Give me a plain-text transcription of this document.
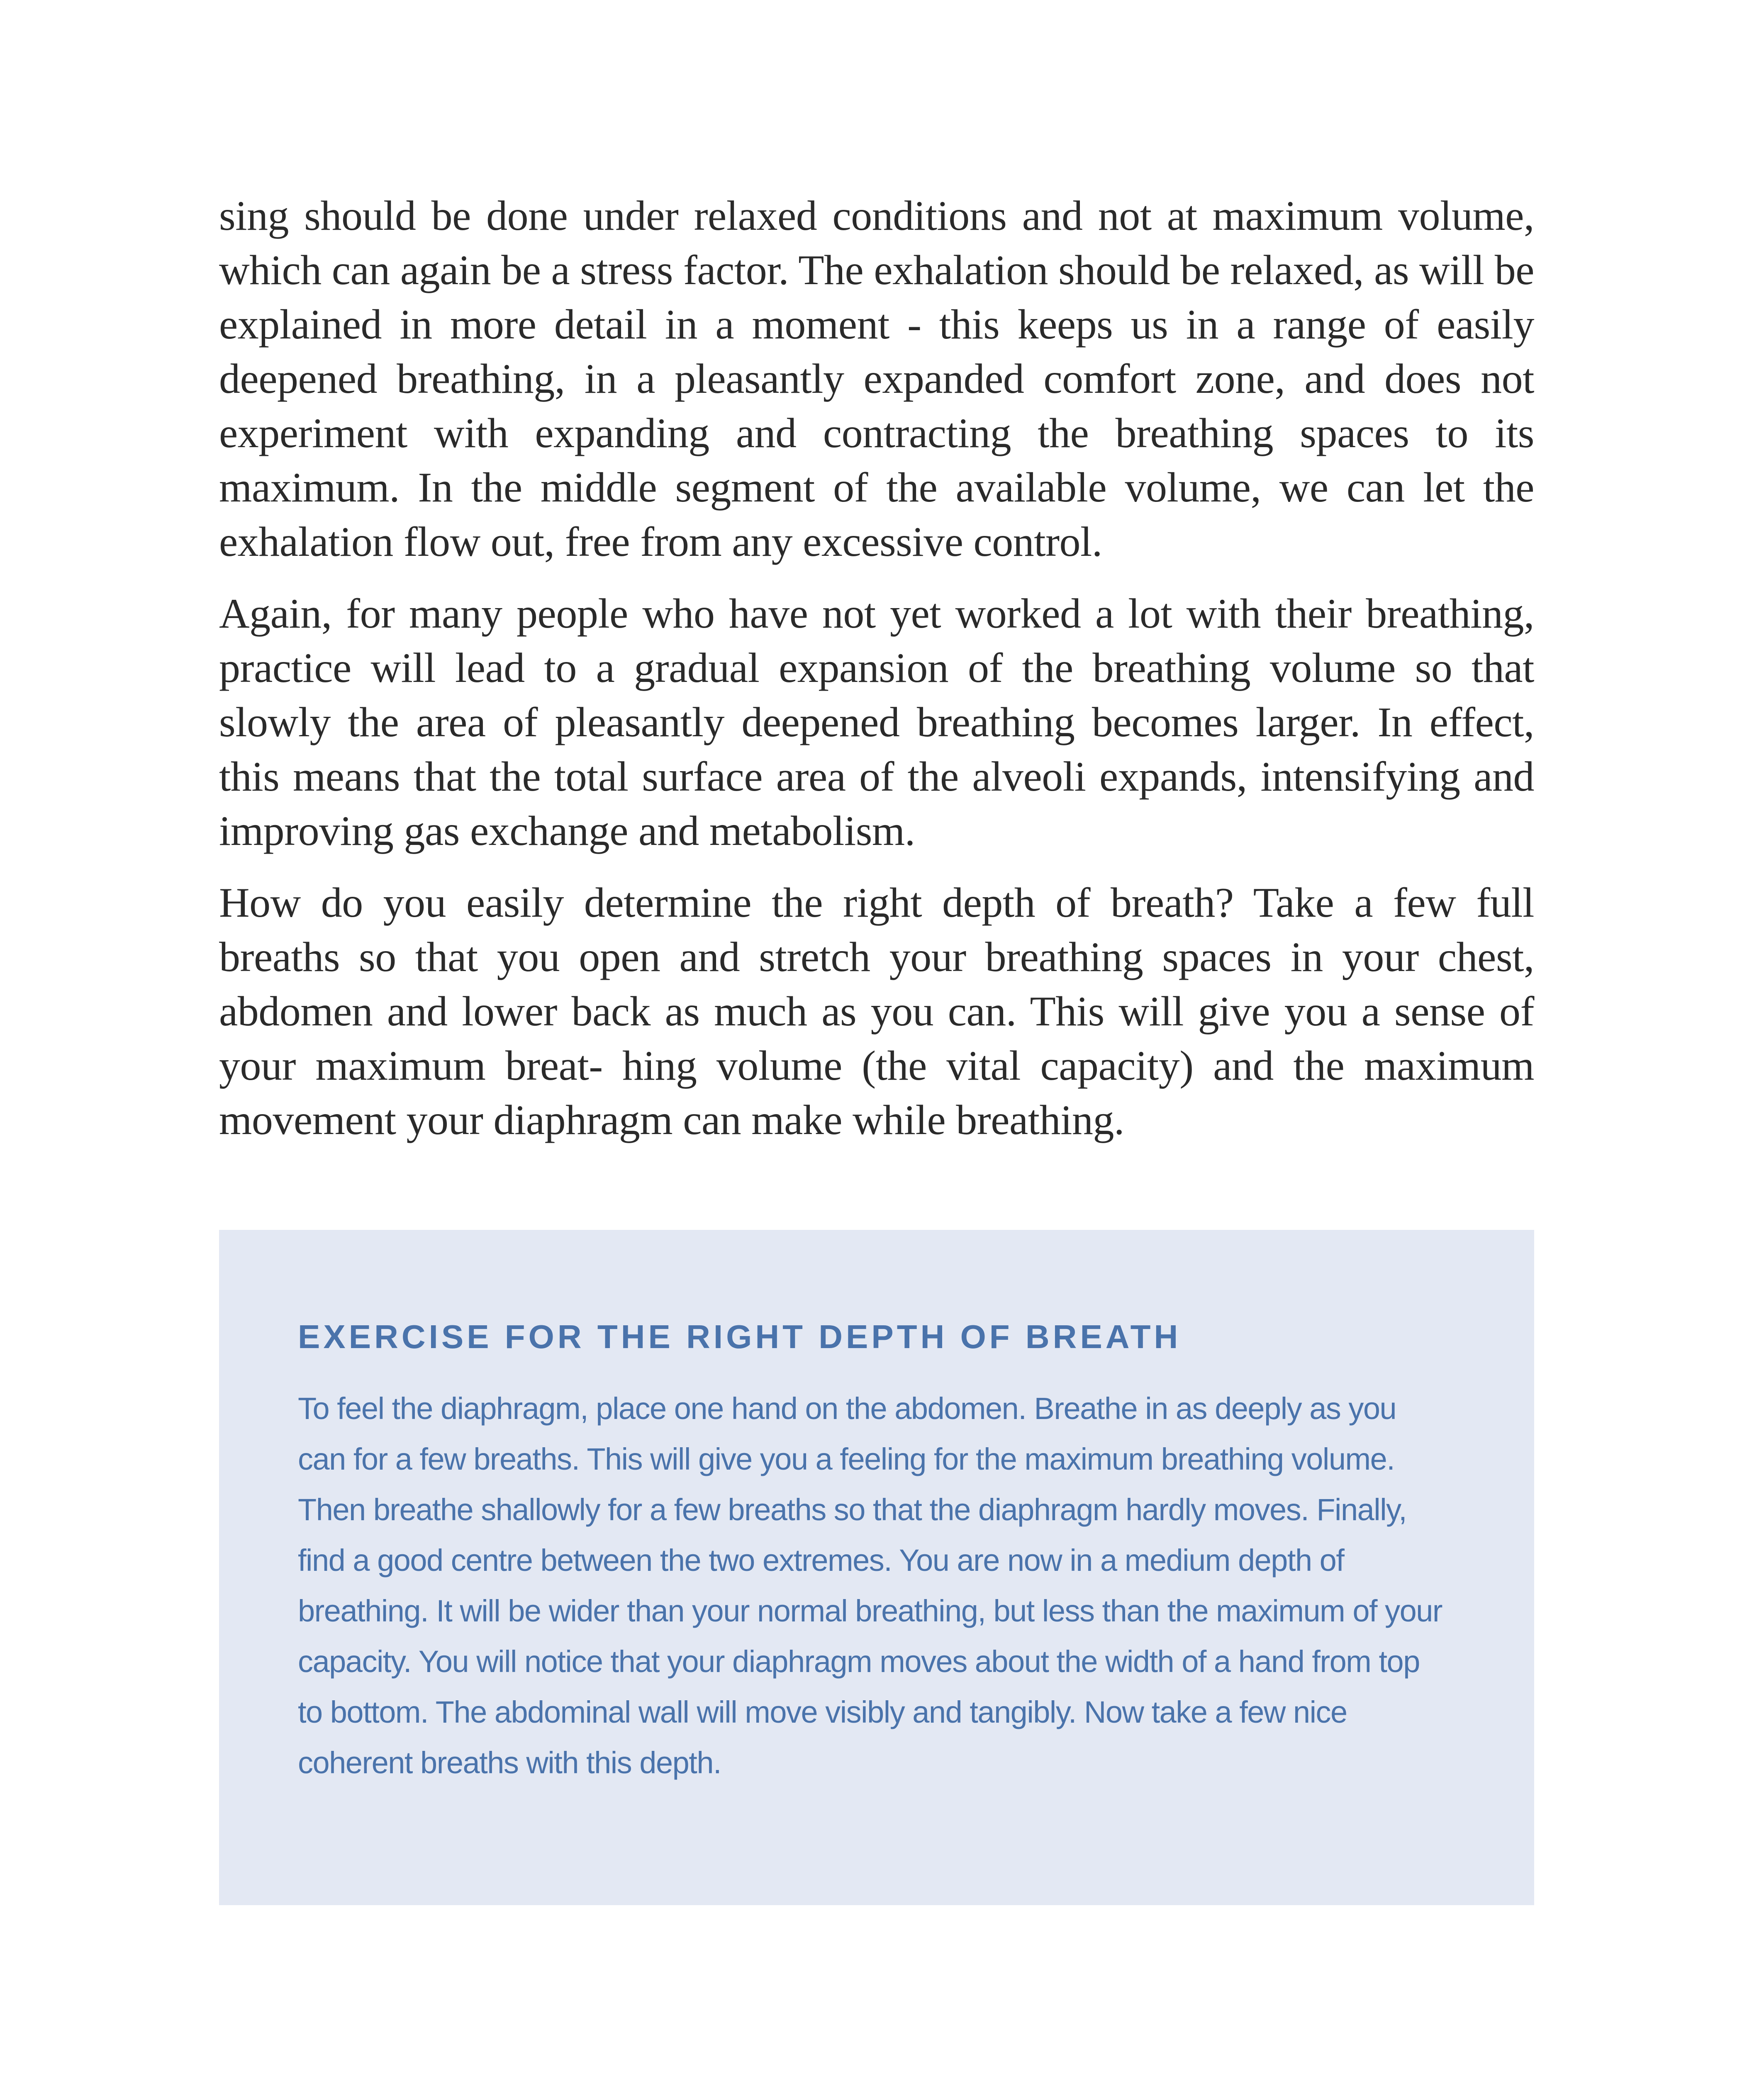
sing should be done under relaxed conditions and not at maximum volume, which can again be a stress factor. The exhalation should be relaxed, as will be explained in more detail in a moment - this keeps us in a range of easily deepened breathing, in a pleasantly expanded comfort zone, and does not experiment with expanding and contracting the breathing spaces to its maximum. In the middle segment of the available volume, we can let the exhalation flow out, free from any excessive control.

Again, for many people who have not yet worked a lot with their breathing, practice will lead to a gradual expansion of the breathing volume so that slowly the area of pleasantly deepened breathing becomes larger. In effect, this means that the total surface area of the alveoli expands, intensifying and improving gas exchange and metabolism.

How do you easily determine the right depth of breath? Take a few full breaths so that you open and stretch your breathing spaces in your chest, abdomen and lower back as much as you can. This will give you a sense of your maximum breat- hing volume (the vital capacity) and the maximum movement your diaphragm can make while breathing.

EXERCISE FOR THE RIGHT DEPTH OF BREATH
To feel the diaphragm, place one hand on the abdomen. Breathe in as deeply as you can for a few breaths. This will give you a feeling for the maximum breathing volume. Then breathe shallowly for a few breaths so that the diaphragm hardly moves. Finally, find a good centre between the two extremes. You are now in a medium depth of breathing. It will be wider than your normal breathing, but less than the maximum of your capacity. You will notice that your diaphragm moves about the width of a hand from top to bottom. The abdominal wall will move visibly and tangibly. Now take a few nice coherent breaths with this depth.
